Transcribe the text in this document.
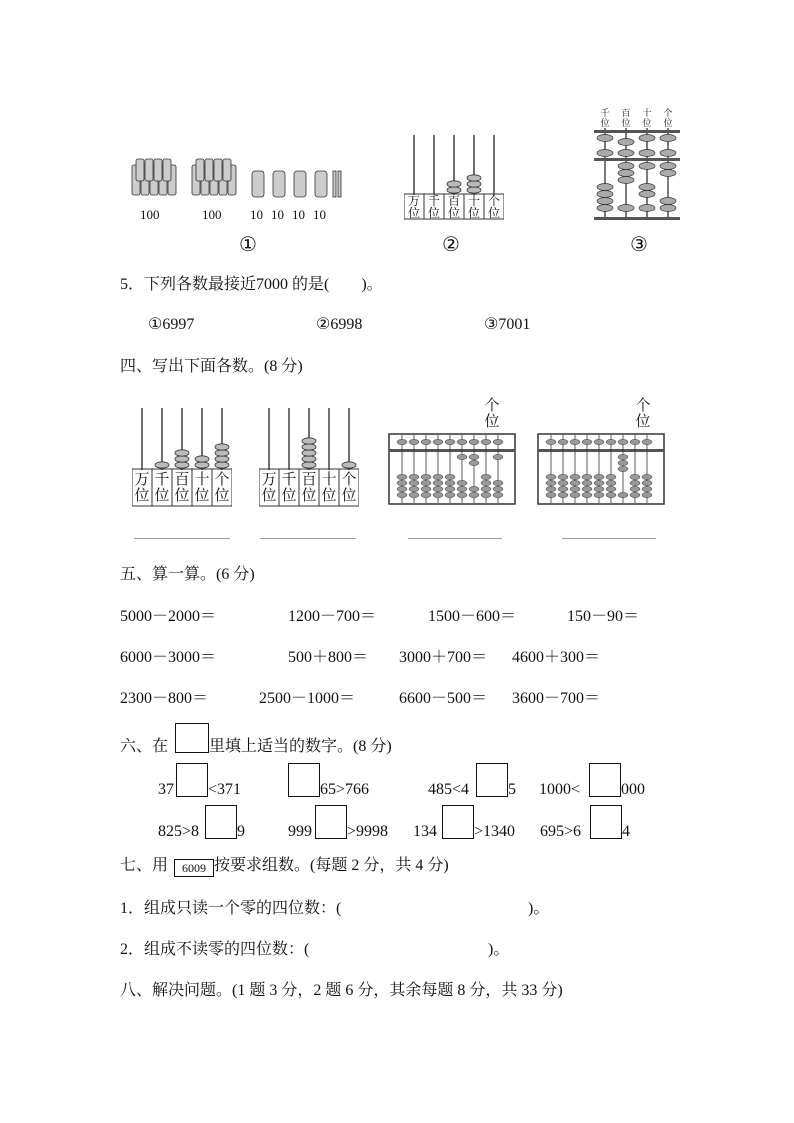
100	100 10 10 10 10
万位
千位
百位
十位
个位
千位
百位
十位
个位
①	②	③
5．下列各数最接近7000 的是(　　)。
①6997	②6998	③7001
四、写出下面各数。(8 分)
万位
千位
百位
十位
个位
万位
千位
百位
十位
个位
个位
个位
五、算一算。(6 分)
5000－2000＝	1200－700＝	1500－600＝	150－90＝
6000－3000＝	500＋800＝ 3000＋700＝ 4600＋300＝
2300－800＝	2500－1000＝	6600－500＝ 3600－700＝
六、在	里填上适当的数字。(8 分)
37 <371	65>766	485<4 5 1000<	000
825>8 9	999 >9998 134 >1340 695>6	4
七、用	6009 按要求组数。(每题 2 分，共 4 分)
1．组成只读一个零的四位数：(	)。
2．组成不读零的四位数：(	)。
八、解决问题。(1 题 3 分，2 题 6 分，其余每题 8 分，共 33 分)
